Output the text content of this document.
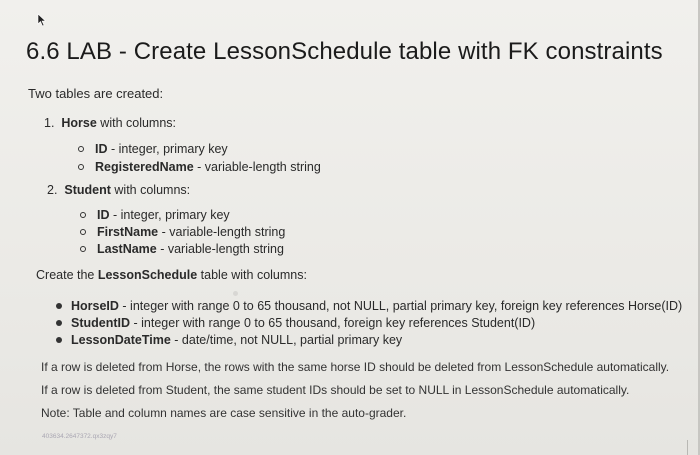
6.6 LAB - Create LessonSchedule table with FK constraints
Two tables are created:
1. Horse with columns:
ID - integer, primary key
RegisteredName - variable-length string
2. Student with columns:
ID - integer, primary key
FirstName - variable-length string
LastName - variable-length string
Create the LessonSchedule table with columns:
HorseID - integer with range 0 to 65 thousand, not NULL, partial primary key, foreign key references Horse(ID)
StudentID - integer with range 0 to 65 thousand, foreign key references Student(ID)
LessonDateTime - date/time, not NULL, partial primary key
If a row is deleted from Horse, the rows with the same horse ID should be deleted from LessonSchedule automatically.
If a row is deleted from Student, the same student IDs should be set to NULL in LessonSchedule automatically.
Note: Table and column names are case sensitive in the auto-grader.
403634.2647372.qx3zqy7
